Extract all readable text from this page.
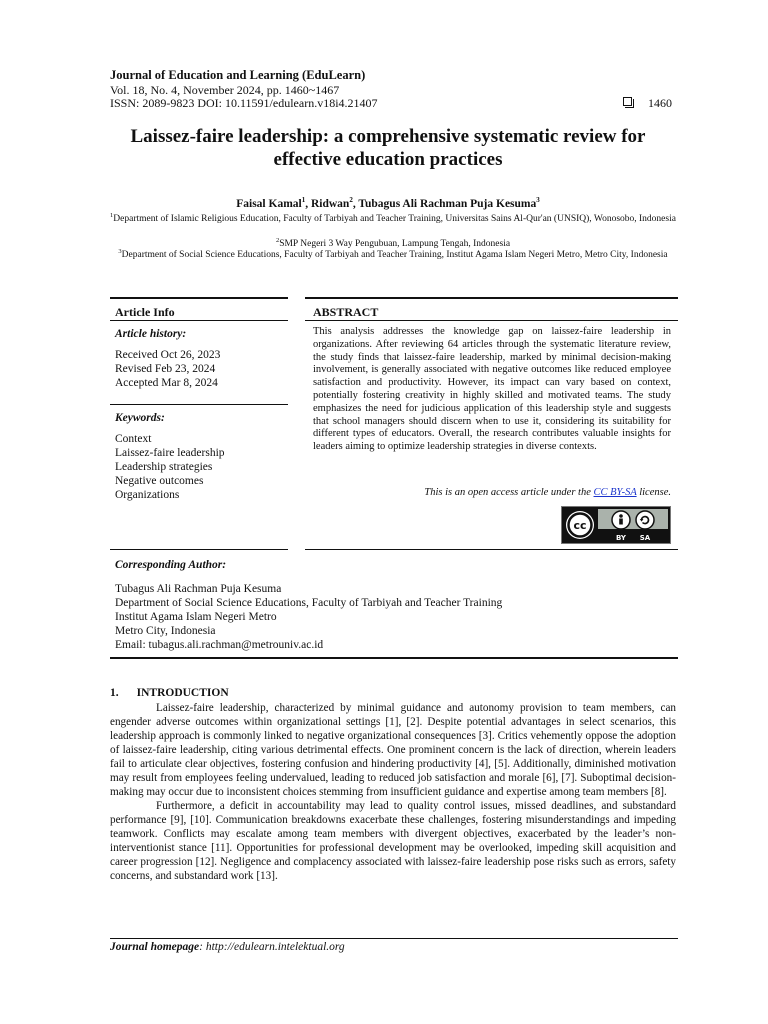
Journal of Education and Learning (EduLearn)
Vol. 18, No. 4, November 2024, pp. 1460~1467
ISSN: 2089-9823 DOI: 10.11591/edulearn.v18i4.21407	1460
Laissez-faire leadership: a comprehensive systematic review for effective education practices
Faisal Kamal$^1$, Ridwan$^2$, Tubagus Ali Rachman Puja Kesuma$^3$
$^1$Department of Islamic Religious Education, Faculty of Tarbiyah and Teacher Training, Universitas Sains Al-Qur'an (UNSIQ), Wonosobo, Indonesia
$^2$SMP Negeri 3 Way Pengubuan, Lampung Tengah, Indonesia
$^3$Department of Social Science Educations, Faculty of Tarbiyah and Teacher Training, Institut Agama Islam Negeri Metro, Metro City, Indonesia
Article Info	ABSTRACT
Article history:
Received Oct 26, 2023
Revised Feb 23, 2024
Accepted Mar 8, 2024
Keywords:
Context
Laissez-faire leadership
Leadership strategies
Negative outcomes
Organizations
This analysis addresses the knowledge gap on laissez-faire leadership in organizations. After reviewing 64 articles through the systematic literature review, the study finds that laissez-faire leadership, marked by minimal decision-making involvement, is generally associated with negative outcomes like reduced employee satisfaction and productivity. However, its impact can vary based on context, potentially fostering creativity in highly skilled and motivated teams. The study emphasizes the need for judicious application of this leadership style and suggests that school managers should discern when to use it, considering its suitability for different types of educators. Overall, the research contributes valuable insights for leaders aiming to optimize leadership strategies in diverse contexts.
This is an open access article under the CC BY-SA license.
cc
BY SA
Corresponding Author:
Tubagus Ali Rachman Puja Kesuma
Department of Social Science Educations, Faculty of Tarbiyah and Teacher Training
Institut Agama Islam Negeri Metro
Metro City, Indonesia
Email: tubagus.ali.rachman@metrouniv.ac.id
1. INTRODUCTION

Laissez-faire leadership, characterized by minimal guidance and autonomy provision to team members, can engender adverse outcomes within organizational settings [1], [2]. Despite potential advantages in select scenarios, this leadership approach is commonly linked to negative organizational consequences [3]. Critics vehemently oppose the adoption of laissez-faire leadership, citing various detrimental effects. One prominent concern is the lack of direction, wherein leaders fail to articulate clear objectives, fostering confusion and hindering productivity [4], [5]. Additionally, diminished motivation may result from employees feeling undervalued, leading to reduced job satisfaction and morale [6], [7]. Suboptimal decision-making may occur due to inconsistent choices stemming from insufficient guidance and expertise among team members [8].

Furthermore, a deficit in accountability may lead to quality control issues, missed deadlines, and substandard performance [9], [10]. Communication breakdowns exacerbate these challenges, fostering misunderstandings and impeding teamwork. Conflicts may escalate among team members with divergent objectives, exacerbated by the leader’s non-interventionist stance [11]. Opportunities for professional development may be overlooked, impeding skill acquisition and career progression [12]. Negligence and complacency associated with laissez-faire leadership pose risks such as errors, safety concerns, and substandard work [13].

Journal homepage: http://edulearn.intelektual.org
